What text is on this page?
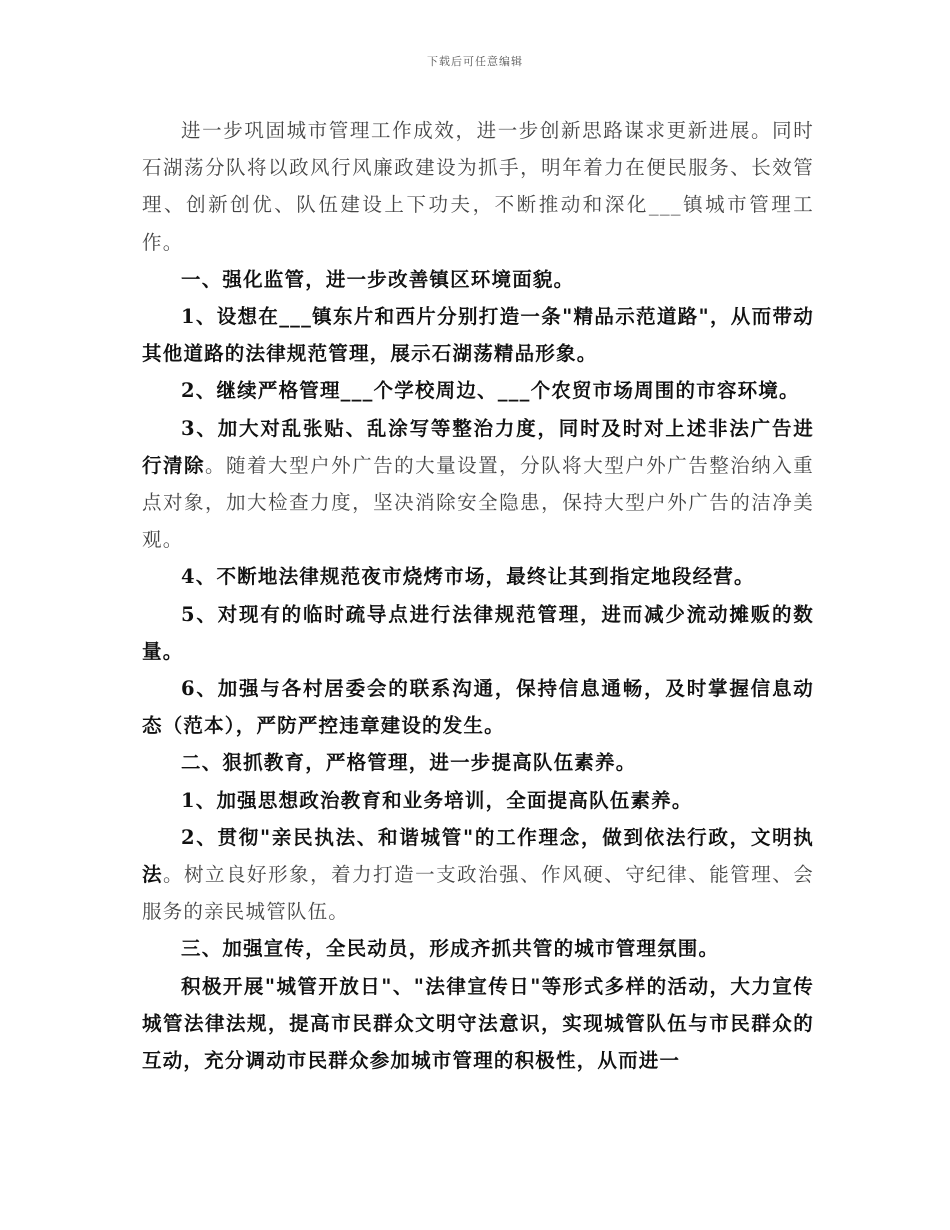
下载后可任意编辑

进一步巩固城市管理工作成效，进一步创新思路谋求更新进展。同时石湖荡分队将以政风行风廉政建设为抓手，明年着力在便民服务、长效管理、创新创优、队伍建设上下功夫，不断推动和深化___镇城市管理工作。

一、强化监管，进一步改善镇区环境面貌。

1、设想在___镇东片和西片分别打造一条"精品示范道路"，从而带动其他道路的法律规范管理，展示石湖荡精品形象。

2、继续严格管理___个学校周边、___个农贸市场周围的市容环境。

3、加大对乱张贴、乱涂写等整治力度，同时及时对上述非法广告进行清除。随着大型户外广告的大量设置，分队将大型户外广告整治纳入重点对象，加大检查力度，坚决消除安全隐患，保持大型户外广告的洁净美观。

4、不断地法律规范夜市烧烤市场，最终让其到指定地段经营。

5、对现有的临时疏导点进行法律规范管理，进而减少流动摊贩的数量。

6、加强与各村居委会的联系沟通，保持信息通畅，及时掌握信息动态（范本），严防严控违章建设的发生。

二、狠抓教育，严格管理，进一步提高队伍素养。

1、加强思想政治教育和业务培训，全面提高队伍素养。

2、贯彻"亲民执法、和谐城管"的工作理念，做到依法行政，文明执法。树立良好形象，着力打造一支政治强、作风硬、守纪律、能管理、会服务的亲民城管队伍。

三、加强宣传，全民动员，形成齐抓共管的城市管理氛围。

积极开展"城管开放日"、"法律宣传日"等形式多样的活动，大力宣传城管法律法规，提高市民群众文明守法意识，实现城管队伍与市民群众的互动，充分调动市民群众参加城市管理的积极性，从而进一
